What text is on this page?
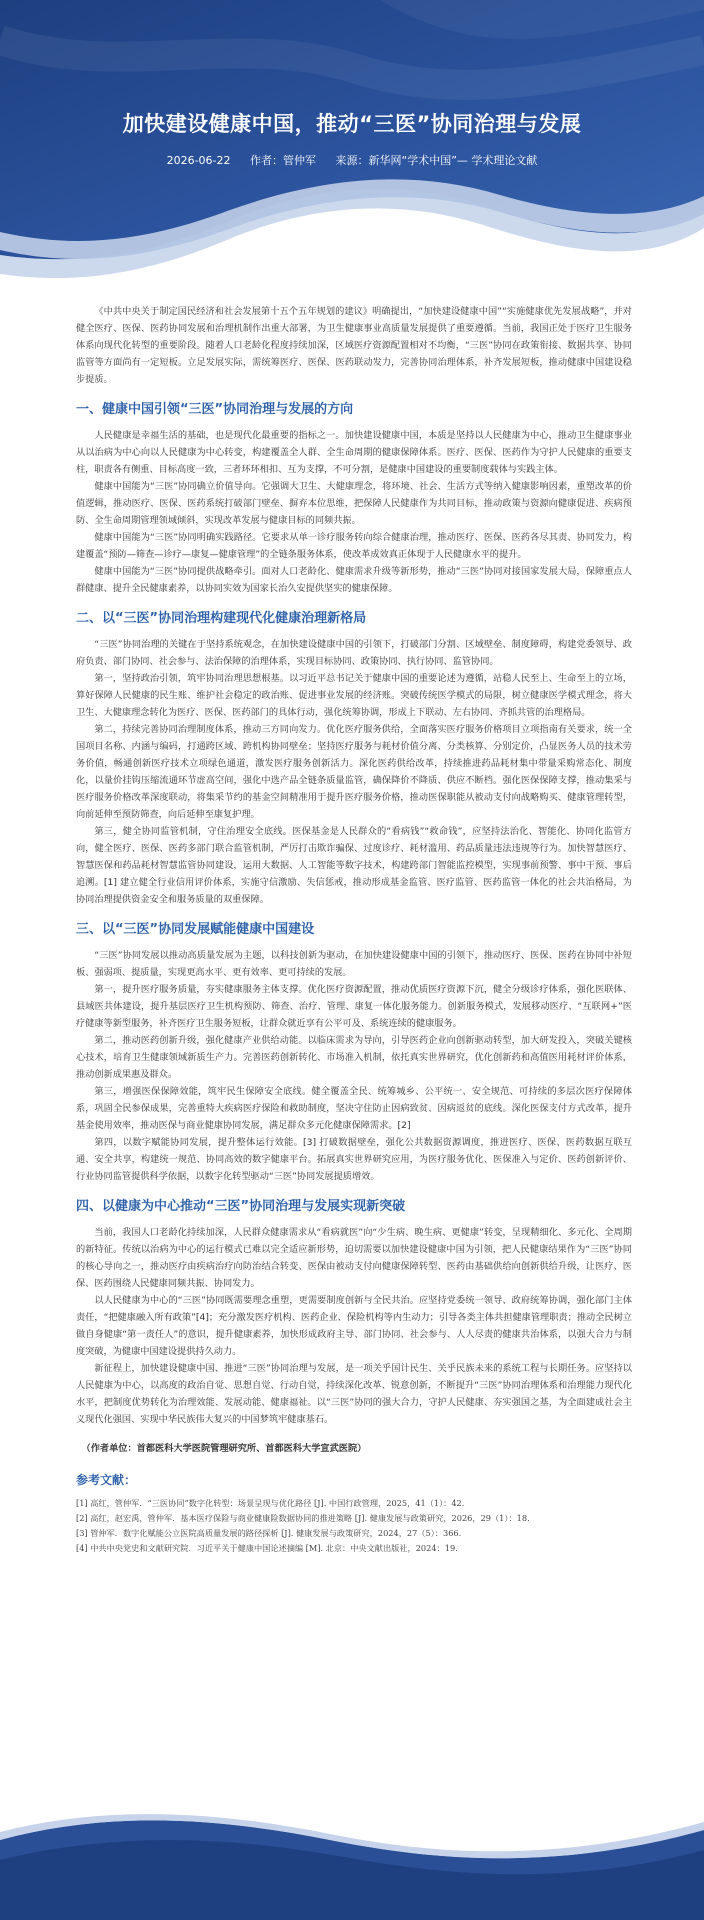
加快建设健康中国，推动“三医”协同治理与发展
2026-06-22 作者：管仲军 来源：新华网“学术中国”— 学术理论文献

《中共中央关于制定国民经济和社会发展第十五个五年规划的建议》明确提出，“加快建设健康中国”“实施健康优先发展战略”，并对健全医疗、医保、医药协同发展和治理机制作出重大部署，为卫生健康事业高质量发展提供了重要遵循。当前，我国正处于医疗卫生服务体系向现代化转型的重要阶段。随着人口老龄化程度持续加深，区域医疗资源配置相对不均衡，“三医”协同在政策衔接、数据共享、协同监管等方面尚有一定短板。立足发展实际，需统筹医疗、医保、医药联动发力，完善协同治理体系，补齐发展短板，推动健康中国建设稳步提质。

一、健康中国引领“三医”协同治理与发展的方向

人民健康是幸福生活的基础，也是现代化最重要的指标之一。加快建设健康中国，本质是坚持以人民健康为中心，推动卫生健康事业从以治病为中心向以人民健康为中心转变，构建覆盖全人群、全生命周期的健康保障体系。医疗、医保、医药作为守护人民健康的重要支柱，职责各有侧重、目标高度一致，三者环环相扣、互为支撑，不可分割，是健康中国建设的重要制度载体与实践主体。

健康中国能为“三医”协同确立价值导向。它强调大卫生、大健康理念，将环境、社会、生活方式等纳入健康影响因素，重塑改革的价值逻辑，推动医疗、医保、医药系统打破部门壁垒、摒弃本位思维，把保障人民健康作为共同目标，推动政策与资源向健康促进、疾病预防、全生命周期管理领域倾斜，实现改革发展与健康目标的同频共振。

健康中国能为“三医”协同明确实践路径。它要求从单一诊疗服务转向综合健康治理，推动医疗、医保、医药各尽其责、协同发力，构建覆盖“预防—筛查—诊疗—康复—健康管理”的全链条服务体系，使改革成效真正体现于人民健康水平的提升。

健康中国能为“三医”协同提供战略牵引。面对人口老龄化、健康需求升级等新形势，推动“三医”协同对接国家发展大局，保障重点人群健康、提升全民健康素养，以协同实效为国家长治久安提供坚实的健康保障。

二、以“三医”协同治理构建现代化健康治理新格局

“三医”协同治理的关键在于坚持系统观念，在加快建设健康中国的引领下，打破部门分割、区域壁垒、制度障碍，构建党委领导、政府负责、部门协同、社会参与、法治保障的治理体系，实现目标协同、政策协同、执行协同、监管协同。

第一，坚持政治引领，筑牢协同治理思想根基。以习近平总书记关于健康中国的重要论述为遵循，站稳人民至上、生命至上的立场，算好保障人民健康的民生账、维护社会稳定的政治账、促进事业发展的经济账。突破传统医学模式的局限，树立健康医学模式理念，将大卫生、大健康理念转化为医疗、医保、医药部门的具体行动，强化统筹协调，形成上下联动、左右协同、齐抓共管的治理格局。

第二，持续完善协同治理制度体系，推动三方同向发力。优化医疗服务供给，全面落实医疗服务价格项目立项指南有关要求，统一全国项目名称、内涵与编码，打通跨区域、跨机构协同壁垒；坚持医疗服务与耗材价值分离、分类核算、分别定价，凸显医务人员的技术劳务价值，畅通创新医疗技术立项绿色通道，激发医疗服务创新活力。深化医药供给改革，持续推进药品耗材集中带量采购常态化、制度化，以量价挂钩压缩流通环节虚高空间，强化中选产品全链条质量监管，确保降价不降质、供应不断档。强化医保保障支撑，推动集采与医疗服务价格改革深度联动，将集采节约的基金空间精准用于提升医疗服务价格，推动医保职能从被动支付向战略购买、健康管理转型，向前延伸至预防筛查，向后延伸至康复护理。

第三，健全协同监管机制，守住治理安全底线。医保基金是人民群众的“看病钱”“救命钱”，应坚持法治化、智能化、协同化监管方向，健全医疗、医保、医药多部门联合监管机制，严厉打击欺诈骗保、过度诊疗、耗材滥用、药品质量违法违规等行为。加快智慧医疗、智慧医保和药品耗材智慧监管协同建设，运用大数据、人工智能等数字技术，构建跨部门智能监控模型，实现事前预警、事中干预、事后追溯。[1] 建立健全行业信用评价体系，实施守信激励、失信惩戒，推动形成基金监管、医疗监管、医药监管一体化的社会共治格局，为协同治理提供资金安全和服务质量的双重保障。

三、以“三医”协同发展赋能健康中国建设

“三医”协同发展以推动高质量发展为主题，以科技创新为驱动，在加快建设健康中国的引领下，推动医疗、医保、医药在协同中补短板、强弱项、提质量，实现更高水平、更有效率、更可持续的发展。

第一，提升医疗服务质量，夯实健康服务主体支撑。优化医疗资源配置，推动优质医疗资源下沉，健全分级诊疗体系，强化医联体、县域医共体建设，提升基层医疗卫生机构预防、筛查、治疗、管理、康复一体化服务能力。创新服务模式，发展移动医疗、“互联网+”医疗健康等新型服务，补齐医疗卫生服务短板，让群众就近享有公平可及、系统连续的健康服务。

第二，推动医药创新升级，强化健康产业供给动能。以临床需求为导向，引导医药企业向创新驱动转型，加大研发投入，突破关键核心技术，培育卫生健康领域新质生产力。完善医药创新转化、市场准入机制，依托真实世界研究，优化创新药和高值医用耗材评价体系，推动创新成果惠及群众。

第三，增强医保保障效能，筑牢民生保障安全底线。健全覆盖全民、统筹城乡、公平统一、安全规范、可持续的多层次医疗保障体系，巩固全民参保成果，完善重特大疾病医疗保险和救助制度，坚决守住防止因病致贫、因病返贫的底线。深化医保支付方式改革，提升基金使用效率，推动医保与商业健康协同发展，满足群众多元化健康保障需求。[2]

第四，以数字赋能协同发展，提升整体运行效能。[3] 打破数据壁垒，强化公共数据资源调度，推进医疗、医保、医药数据互联互通、安全共享，构建统一规范、协同高效的数字健康平台。拓展真实世界研究应用，为医疗服务优化、医保准入与定价、医药创新评价、行业协同监管提供科学依据，以数字化转型驱动“三医”协同发展提质增效。

四、以健康为中心推动“三医”协同治理与发展实现新突破

当前，我国人口老龄化持续加深，人民群众健康需求从“看病就医”向“少生病、晚生病、更健康”转变，呈现精细化、多元化、全周期的新特征。传统以治病为中心的运行模式已难以完全适应新形势，迫切需要以加快建设健康中国为引领，把人民健康结果作为“三医”协同的核心导向之一，推动医疗由疾病治疗向防治结合转变、医保由被动支付向健康保障转型、医药由基础供给向创新供给升级，让医疗、医保、医药围绕人民健康同频共振、协同发力。

以人民健康为中心的“三医”协同既需要理念重塑，更需要制度创新与全民共治。应坚持党委统一领导、政府统筹协调，强化部门主体责任，“把健康融入所有政策”[4]；充分激发医疗机构、医药企业、保险机构等内生动力；引导各类主体共担健康管理职责；推动全民树立做自身健康“第一责任人”的意识，提升健康素养，加快形成政府主导、部门协同、社会参与、人人尽责的健康共治体系，以强大合力与制度突破，为健康中国建设提供持久动力。

新征程上，加快建设健康中国、推进“三医”协同治理与发展，是一项关乎国计民生、关乎民族未来的系统工程与长期任务。应坚持以人民健康为中心，以高度的政治自觉、思想自觉、行动自觉，持续深化改革、锐意创新，不断提升“三医”协同治理体系和治理能力现代化水平，把制度优势转化为治理效能、发展动能、健康福祉。以“三医”协同的强大合力，守护人民健康、夯实强国之基，为全面建成社会主义现代化强国、实现中华民族伟大复兴的中国梦筑牢健康基石。

（作者单位：首都医科大学医院管理研究所、首都医科大学宣武医院）

参考文献：

[1] 高红，管仲军．“三医协同”数字化转型：场景呈现与优化路径 [J]. 中国行政管理，2025，41（1）：42.

[2] 高红，赵宏禹，管仲军．基本医疗保险与商业健康险数据协同的推进策略 [J]. 健康发展与政策研究，2026，29（1）：18.

[3] 管仲军．数字化赋能公立医院高质量发展的路径探析 [J]. 健康发展与政策研究，2024，27（5）：366.

[4] 中共中央党史和文献研究院．习近平关于健康中国论述摘编 [M]. 北京：中央文献出版社，2024：19.
